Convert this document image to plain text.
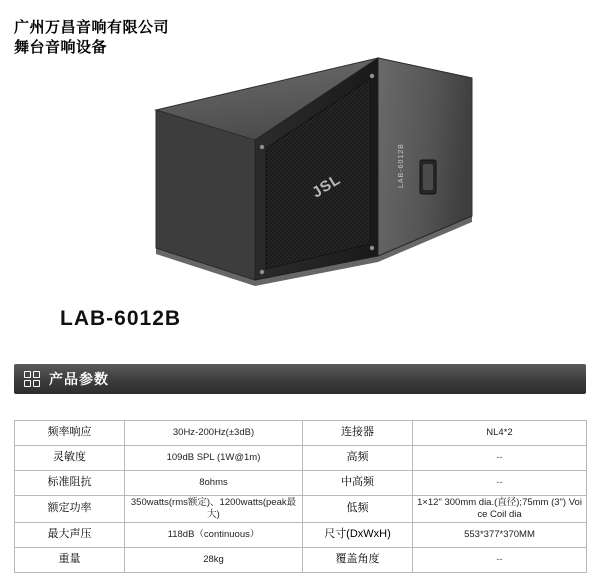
广州万昌音响有限公司
舞台音响设备
JSL	LAB-6012B
LAB-6012B
产品参数
频率响应	30Hz-200Hz(±3dB)	连接器	NL4*2
灵敏度	109dB SPL (1W@1m)	高频	--
标准阻抗	8ohms	中高频	--
额定功率	350watts(rms额定)、1200watts(peak最大)	低频	1×12" 300mm dia.(直径);75mm (3") Voice Coil dia
最大声压	118dB（continuous）	尺寸(DxWxH)	553*377*370MM
重量	28kg	覆盖角度	--
